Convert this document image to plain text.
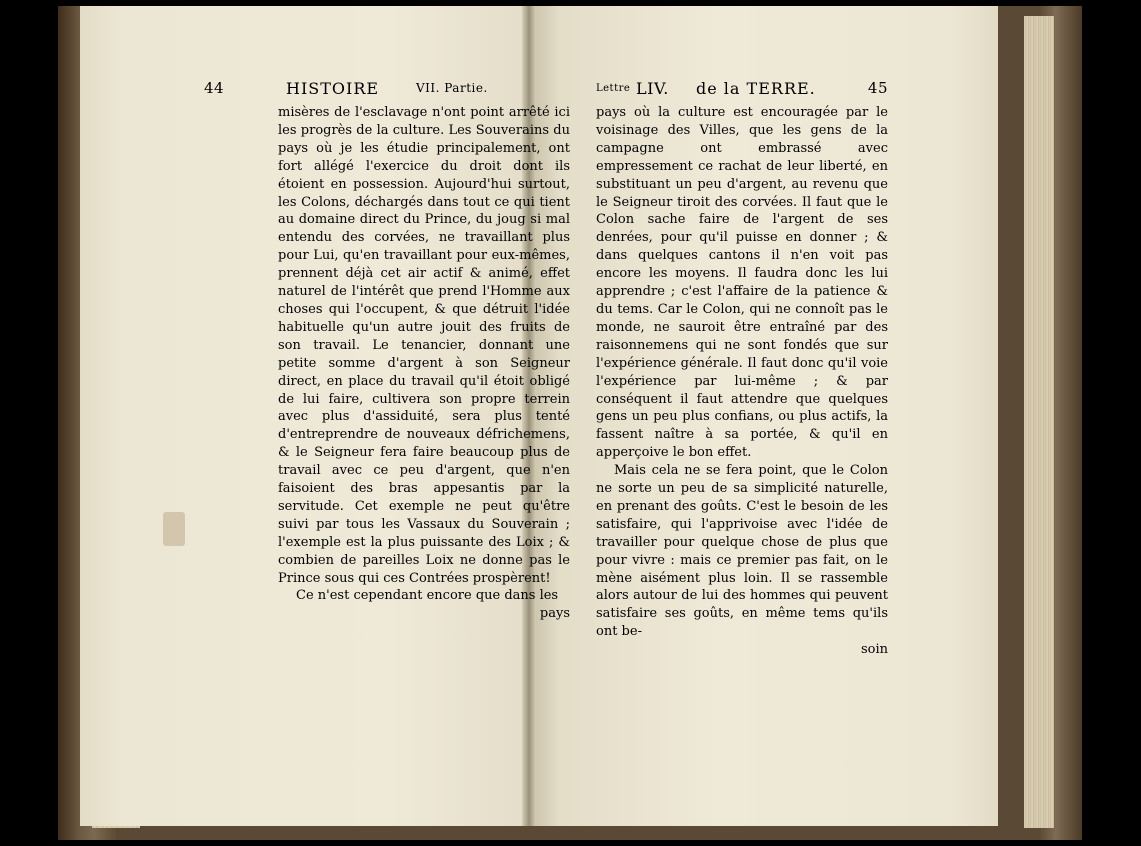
44	HISTOIRE	VII. Partie.

misères de l'esclavage n'ont point arrêté ici les progrès de la culture. Les Souverains du pays où je les étudie principalement, ont fort allégé l'exercice du droit dont ils étoient en possession. Aujourd'hui surtout, les Colons, déchargés dans tout ce qui tient au domaine direct du Prince, du joug si mal entendu des corvées, ne travaillant plus pour Lui, qu'en travaillant pour eux-mêmes, prennent déjà cet air actif & animé, effet naturel de l'intérêt que prend l'Homme aux choses qui l'occupent, & que détruit l'idée habituelle qu'un autre jouit des fruits de son travail. Le tenancier, donnant une petite somme d'argent à son Seigneur direct, en place du travail qu'il étoit obligé de lui faire, cultivera son propre terrein avec plus d'assiduité, sera plus tenté d'entreprendre de nouveaux défrichemens, & le Seigneur fera faire beaucoup plus de travail avec ce peu d'argent, que n'en faisoient des bras appesantis par la servitude. Cet exemple ne peut qu'être suivi par tous les Vassaux du Souverain ; l'exemple est la plus puissante des Loix ; & combien de pareilles Loix ne donne pas le Prince sous qui ces Contrées prospèrent!

Ce n'est cependant encore que dans les

pays
Lettre LIV. de la TERRE.	45

pays où la culture est encouragée par le voisinage des Villes, que les gens de la campagne ont embrassé avec empressement ce rachat de leur liberté, en substituant un peu d'argent, au revenu que le Seigneur tiroit des corvées. Il faut que le Colon sache faire de l'argent de ses denrées, pour qu'il puisse en donner ; & dans quelques cantons il n'en voit pas encore les moyens. Il faudra donc les lui apprendre ; c'est l'affaire de la patience & du tems. Car le Colon, qui ne connoît pas le monde, ne sauroit être entraîné par des raisonnemens qui ne sont fondés que sur l'expérience générale. Il faut donc qu'il voie l'expérience par lui-même ; & par conséquent il faut attendre que quelques gens un peu plus confians, ou plus actifs, la fassent naître à sa portée, & qu'il en apperçoive le bon effet.

Mais cela ne se fera point, que le Colon ne sorte un peu de sa simplicité naturelle, en prenant des goûts. C'est le besoin de les satisfaire, qui l'apprivoise avec l'idée de travailler pour quelque chose de plus que pour vivre : mais ce premier pas fait, on le mène aisément plus loin. Il se rassemble alors autour de lui des hommes qui peuvent satisfaire ses goûts, en même tems qu'ils ont be-

soin
